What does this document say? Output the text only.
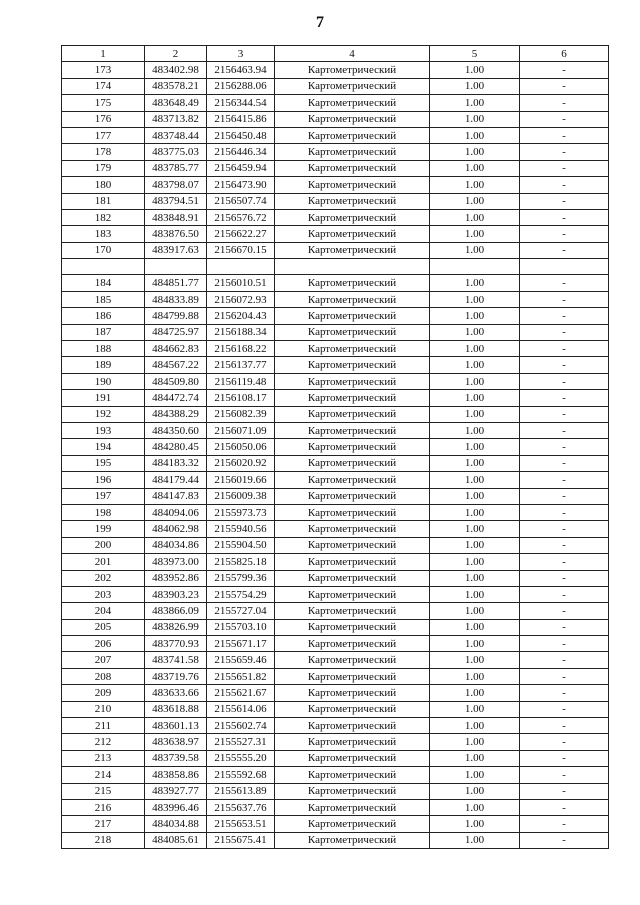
7
1	2	3	4	5	6
173	483402.98	2156463.94	Картометрический	1.00	-
174	483578.21	2156288.06	Картометрический	1.00	-
175	483648.49	2156344.54	Картометрический	1.00	-
176	483713.82	2156415.86	Картометрический	1.00	-
177	483748.44	2156450.48	Картометрический	1.00	-
178	483775.03	2156446.34	Картометрический	1.00	-
179	483785.77	2156459.94	Картометрический	1.00	-
180	483798.07	2156473.90	Картометрический	1.00	-
181	483794.51	2156507.74	Картометрический	1.00	-
182	483848.91	2156576.72	Картометрический	1.00	-
183	483876.50	2156622.27	Картометрический	1.00	-
170	483917.63	2156670.15	Картометрический	1.00	-

184	484851.77	2156010.51	Картометрический	1.00	-
185	484833.89	2156072.93	Картометрический	1.00	-
186	484799.88	2156204.43	Картометрический	1.00	-
187	484725.97	2156188.34	Картометрический	1.00	-
188	484662.83	2156168.22	Картометрический	1.00	-
189	484567.22	2156137.77	Картометрический	1.00	-
190	484509.80	2156119.48	Картометрический	1.00	-
191	484472.74	2156108.17	Картометрический	1.00	-
192	484388.29	2156082.39	Картометрический	1.00	-
193	484350.60	2156071.09	Картометрический	1.00	-
194	484280.45	2156050.06	Картометрический	1.00	-
195	484183.32	2156020.92	Картометрический	1.00	-
196	484179.44	2156019.66	Картометрический	1.00	-
197	484147.83	2156009.38	Картометрический	1.00	-
198	484094.06	2155973.73	Картометрический	1.00	-
199	484062.98	2155940.56	Картометрический	1.00	-
200	484034.86	2155904.50	Картометрический	1.00	-
201	483973.00	2155825.18	Картометрический	1.00	-
202	483952.86	2155799.36	Картометрический	1.00	-
203	483903.23	2155754.29	Картометрический	1.00	-
204	483866.09	2155727.04	Картометрический	1.00	-
205	483826.99	2155703.10	Картометрический	1.00	-
206	483770.93	2155671.17	Картометрический	1.00	-
207	483741.58	2155659.46	Картометрический	1.00	-
208	483719.76	2155651.82	Картометрический	1.00	-
209	483633.66	2155621.67	Картометрический	1.00	-
210	483618.88	2155614.06	Картометрический	1.00	-
211	483601.13	2155602.74	Картометрический	1.00	-
212	483638.97	2155527.31	Картометрический	1.00	-
213	483739.58	2155555.20	Картометрический	1.00	-
214	483858.86	2155592.68	Картометрический	1.00	-
215	483927.77	2155613.89	Картометрический	1.00	-
216	483996.46	2155637.76	Картометрический	1.00	-
217	484034.88	2155653.51	Картометрический	1.00	-
218	484085.61	2155675.41	Картометрический	1.00	-
